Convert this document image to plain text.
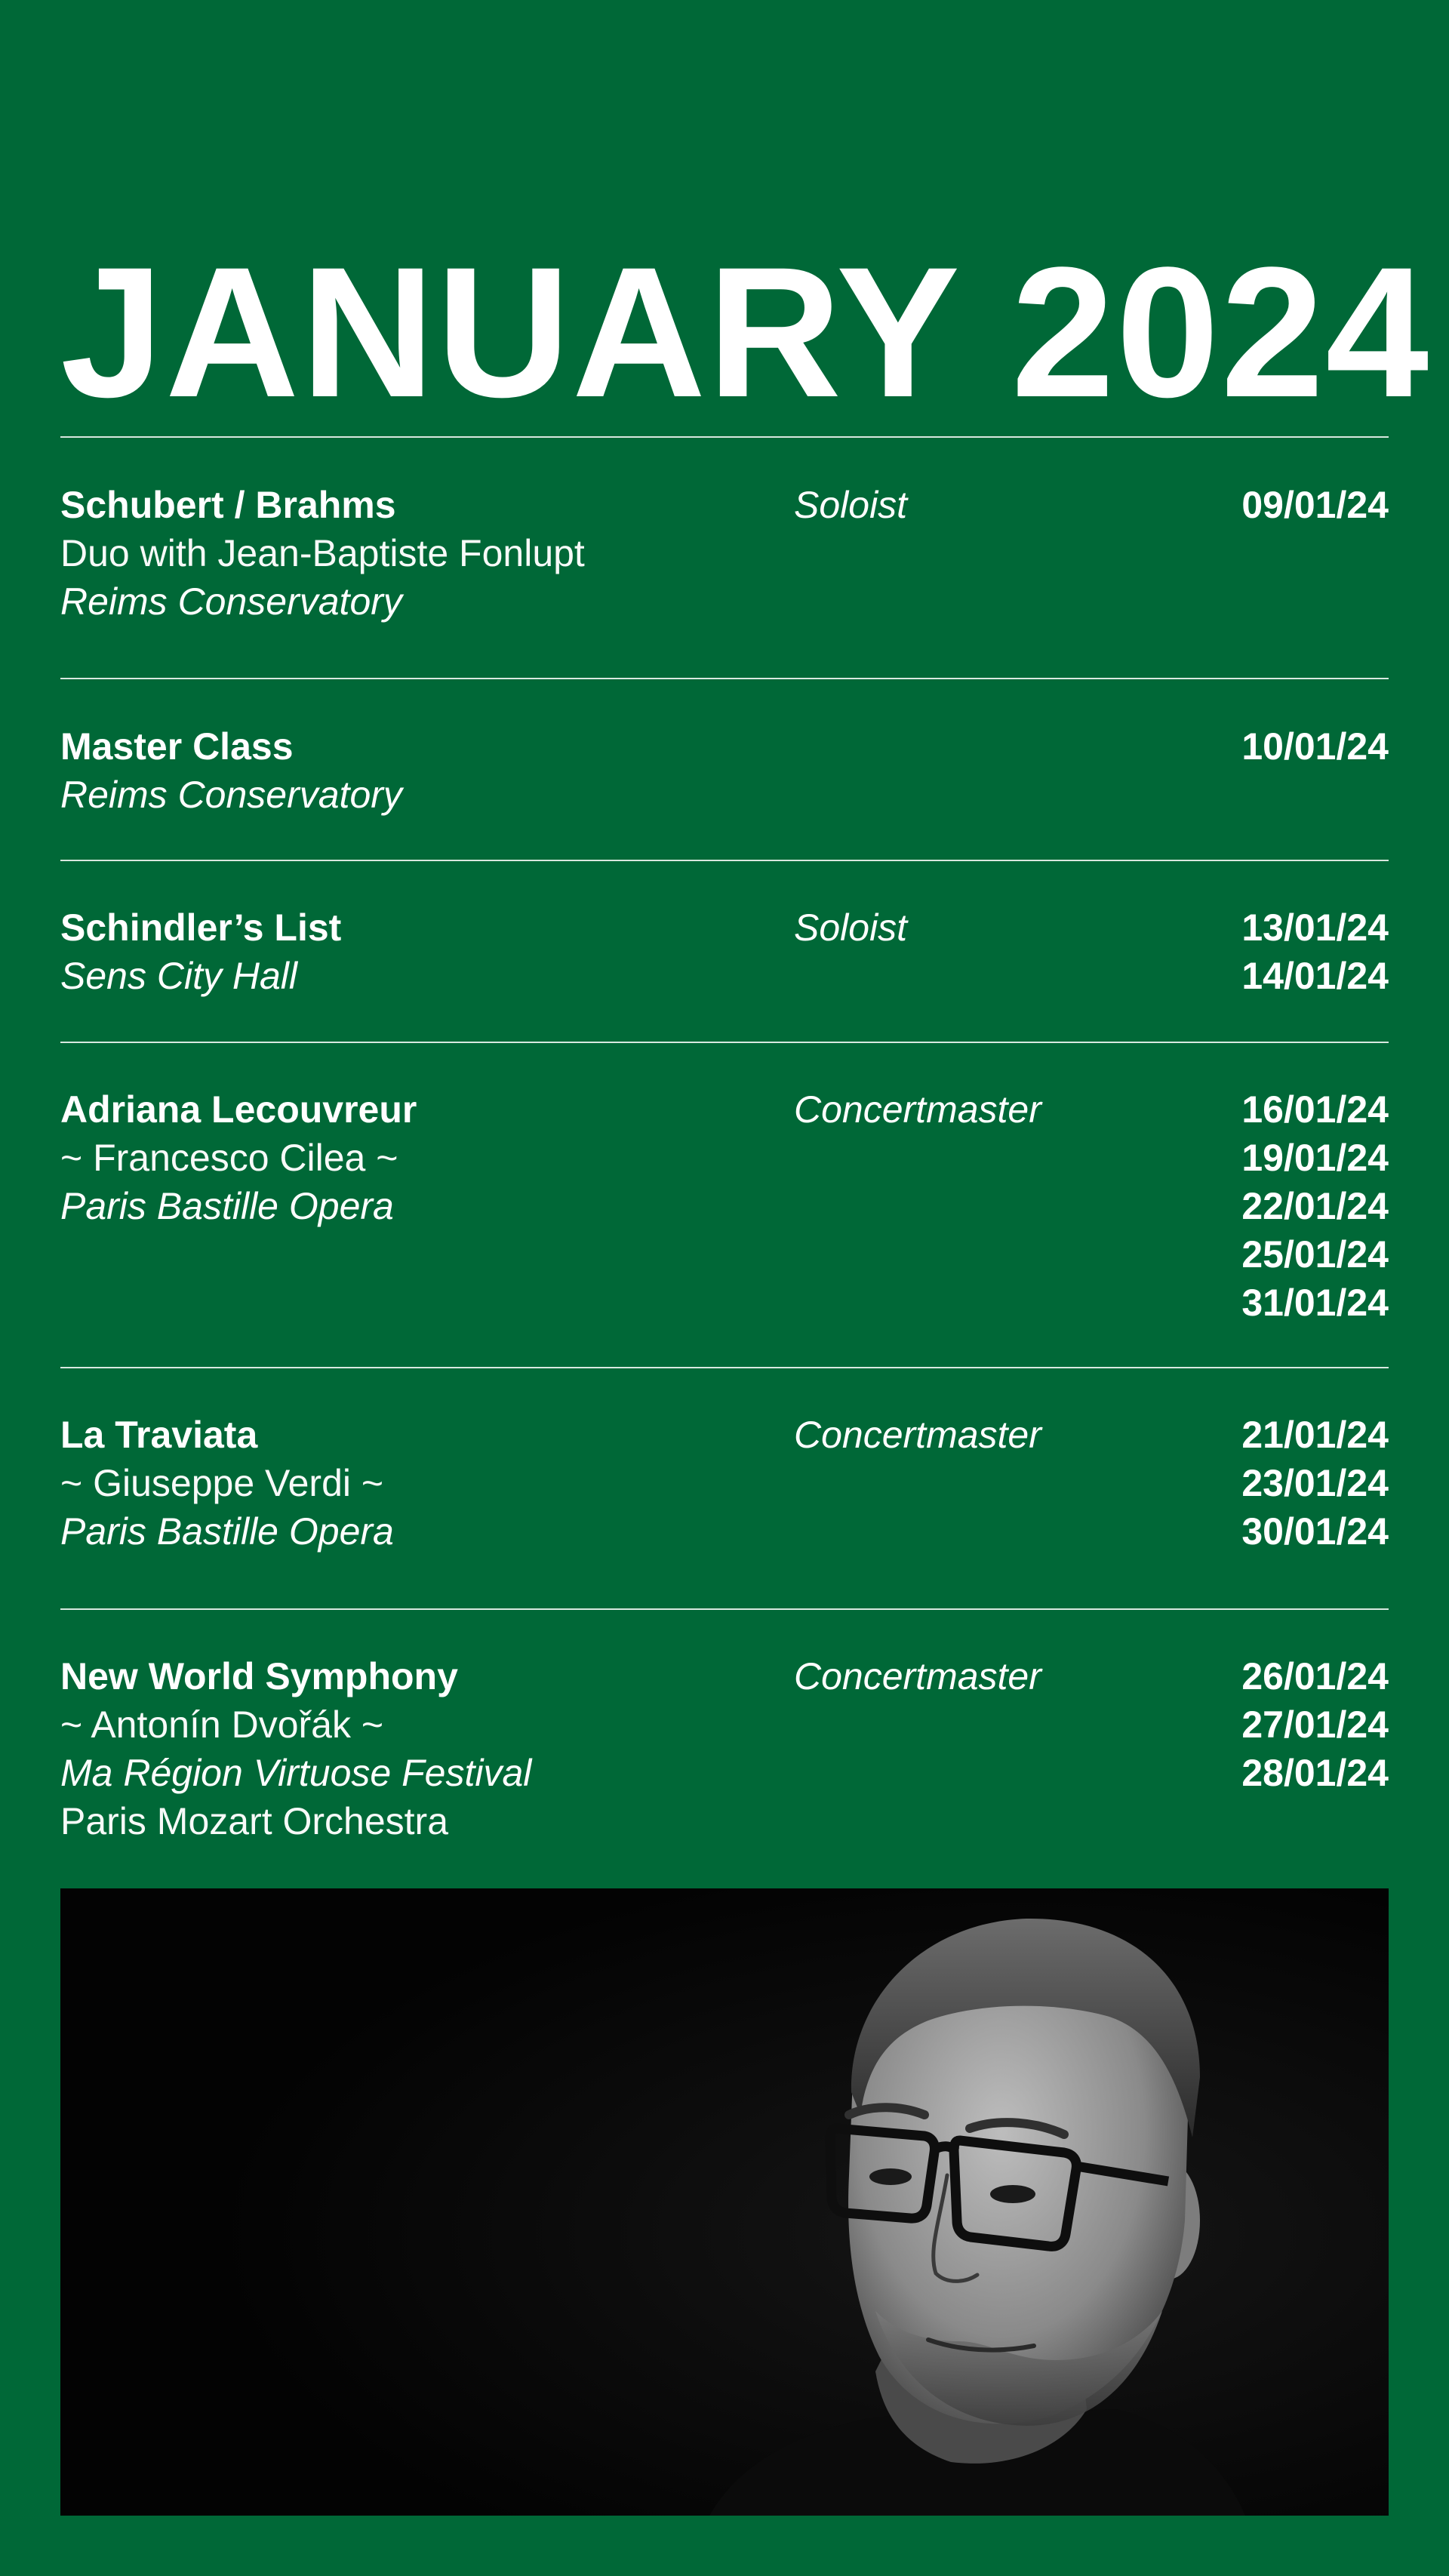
JANUARY 2024
Schubert / Brahms
Duo with Jean-Baptiste Fonlupt
Reims Conservatory
Soloist	09/01/24
Master Class
Reims Conservatory
10/01/24
Schindler’s List
Sens City Hall
Soloist	13/01/24
14/01/24
Adriana Lecouvreur
~ Francesco Cilea ~
Paris Bastille Opera
Concertmaster	16/01/24
19/01/24
22/01/24
25/01/24
31/01/24
La Traviata
~ Giuseppe Verdi ~
Paris Bastille Opera
Concertmaster	21/01/24
23/01/24
30/01/24
New World Symphony
~ Antonín Dvořák ~
Ma Région Virtuose Festival
Paris Mozart Orchestra
Concertmaster	26/01/24
27/01/24
28/01/24
